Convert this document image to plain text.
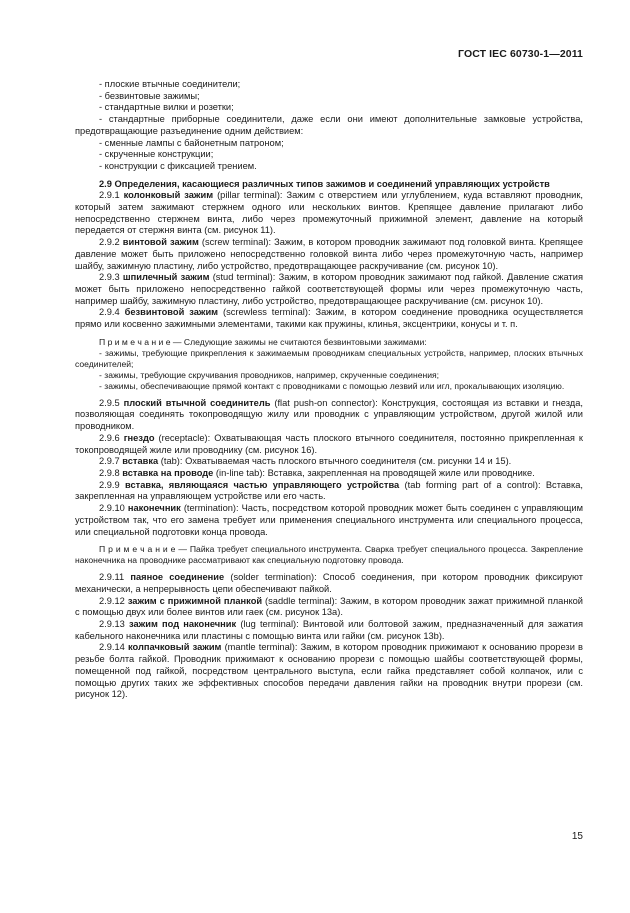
ГОСТ IEC 60730-1—2011

- плоские втычные соединители;

- безвинтовые зажимы;

- стандартные вилки и розетки;

- стандартные приборные соединители, даже если они имеют дополнительные замковые устройства, предотвращающие разъединение одним действием:

- сменные лампы с байонетным патроном;

- скрученные конструкции;

- конструкции с фиксацией трением.

2.9 Определения, касающиеся различных типов зажимов и соединений управляющих устройств

2.9.1 колонковый зажим (pillar terminal): Зажим с отверстием или углублением, куда вставляют проводник, который затем зажимают стержнем одного или нескольких винтов. Крепящее давление прилагают либо непосредственно стержнем винта, либо через промежуточный прижимной элемент, давление на который передается от стержня винта (см. рисунок 11).

2.9.2 винтовой зажим (screw terminal): Зажим, в котором проводник зажимают под головкой винта. Крепящее давление может быть приложено непосредственно головкой винта либо через промежуточную часть, например шайбу, зажимную пластину, либо устройство, предотвращающее раскручивание (см. рисунок 10).

2.9.3 шпилечный зажим (stud terminal): Зажим, в котором проводник зажимают под гайкой. Давление сжатия может быть приложено непосредственно гайкой соответствующей формы или через промежуточную часть, например шайбу, зажимную пластину, либо устройство, предотвращающее раскручивание (см. рисунок 10).

2.9.4 безвинтовой зажим (screwless terminal): Зажим, в котором соединение проводника осуществляется прямо или косвенно зажимными элементами, такими как пружины, клинья, эксцентрики, конусы и т. п.

П р и м е ч а н и е — Следующие зажимы не считаются безвинтовыми зажимами:

- зажимы, требующие прикрепления к зажимаемым проводникам специальных устройств, например, плоских втычных соединителей;

- зажимы, требующие скручивания проводников, например, скрученные соединения;

- зажимы, обеспечивающие прямой контакт с проводниками с помощью лезвий или игл, прокалывающих изоляцию.

2.9.5 плоский втычной соединитель (flat push-on connector): Конструкция, состоящая из вставки и гнезда, позволяющая соединять токопроводящую жилу или проводник с управляющим устройством, другой жилой или проводником.

2.9.6 гнездо (receptacle): Охватывающая часть плоского втычного соединителя, постоянно прикрепленная к токопроводящей жиле или проводнику (см. рисунок 16).

2.9.7 вставка (tab): Охватываемая часть плоского втычного соединителя (см. рисунки 14 и 15).

2.9.8 вставка на проводе (in-line tab): Вставка, закрепленная на проводящей жиле или проводнике.

2.9.9 вставка, являющаяся частью управляющего устройства (tab forming part of a control): Вставка, закрепленная на управляющем устройстве или его часть.

2.9.10 наконечник (termination): Часть, посредством которой проводник может быть соединен с управляющим устройством так, что его замена требует или применения специального инструмента или специального процесса, или специальной подготовки конца провода.

П р и м е ч а н и е — Пайка требует специального инструмента. Сварка требует специального процесса. Закрепление наконечника на проводнике рассматривают как специальную подготовку провода.

2.9.11 паяное соединение (solder termination): Способ соединения, при котором проводник фиксируют механически, а непрерывность цепи обеспечивают пайкой.

2.9.12 зажим с прижимной планкой (saddle terminal): Зажим, в котором проводник зажат прижимной планкой с помощью двух или более винтов или гаек (см. рисунок 13а).

2.9.13 зажим под наконечник (lug terminal): Винтовой или болтовой зажим, предназначенный для зажатия кабельного наконечника или пластины с помощью винта или гайки (см. рисунок 13b).

2.9.14 колпачковый зажим (mantle terminal): Зажим, в котором проводник прижимают к основанию прорези в резьбе болта гайкой. Проводник прижимают к основанию прорези с помощью шайбы соответствующей формы, помещенной под гайкой, посредством центрального выступа, если гайка представляет собой колпачок, или с помощью других таких же эффективных способов передачи давления гайки на проводник внутри прорези (см. рисунок 12).

15
